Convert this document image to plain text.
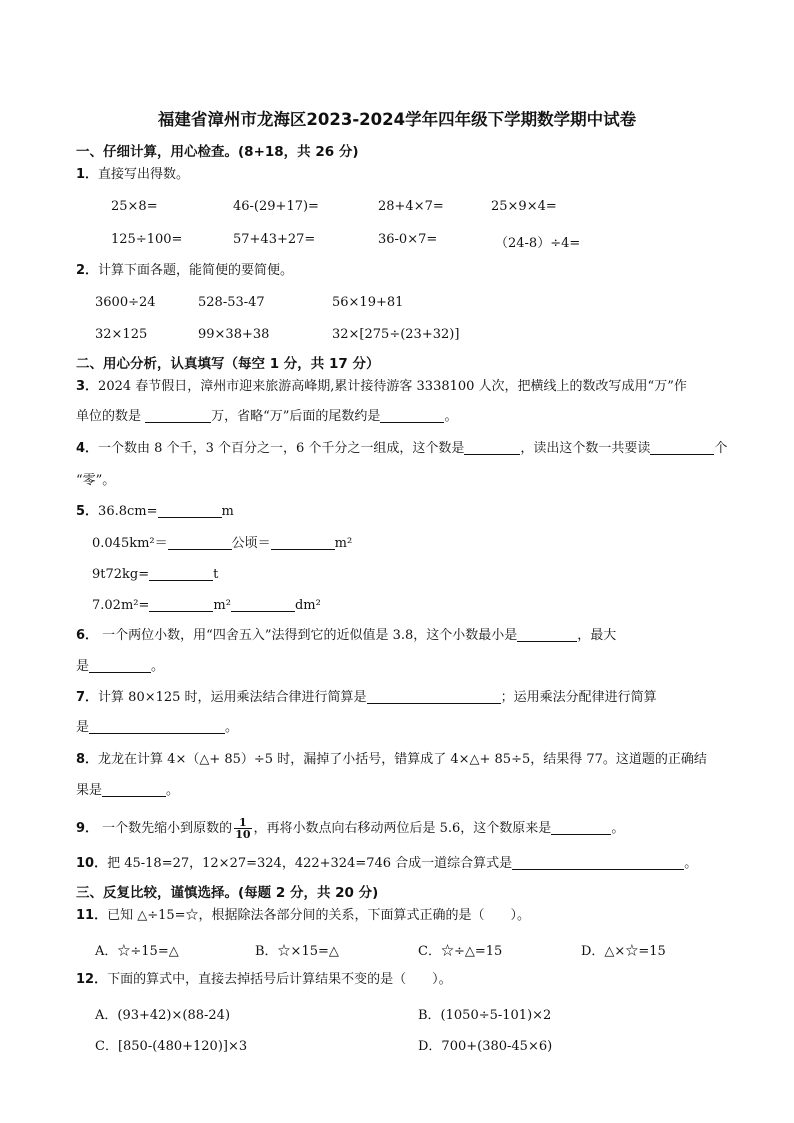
福建省漳州市龙海区2023-2024学年四年级下学期数学期中试卷
一、仔细计算，用心检查。(8+18，共 26 分)
1．直接写出得数。
25×8=	46-(29+17)=	28+4×7=	25×9×4=
125÷100=	57+43+27=	36-0×7=	（24-8）÷4=
2．计算下面各题，能简便的要简便。
3600÷24	528-53-47	56×19+81
32×125	99×38+38	32×[275÷(23+32)]
二、用心分析，认真填写（每空 1 分，共 17 分）
3．2024 春节假日，漳州市迎来旅游高峰期,累计接待游客 3338100 人次，把横线上的数改写成用“万”作
单位的数是	万，省略“万”后面的尾数约是	。
4．一个数由 8 个千，3 个百分之一，6 个千分之一组成，这个数是	，读出这个数一共要读	个
“零”。
5．36.8cm=	m
0.045km²＝	公顷＝	m²
9t72kg=	t
7.02m²=	m²	dm²
6． 一个两位小数，用“四舍五入”法得到它的近似值是 3.8，这个小数最小是	，最大
是	。
7．计算 80×125 时，运用乘法结合律进行简算是	；运用乘法分配律进行简算
是	。
8．龙龙在计算 4×（△+ 85）÷5 时，漏掉了小括号，错算成了 4×△+ 85÷5，结果得 77。这道题的正确结
果是	。
9． 一个数先缩小到原数的 $\frac{1}{10}$ ，再将小数点向右移动两位后是 5.6，这个数原来是	。
10．把 45-18=27，12×27=324，422+324=746 合成一道综合算式是	。
三、反复比较，谨慎选择。(每题 2 分，共 20 分)
11．已知 △÷15=☆，根据除法各部分间的关系，下面算式正确的是（　　）。
A．☆÷15=△	B．☆×15=△	C．☆÷△=15	D．△×☆=15
12．下面的算式中，直接去掉括号后计算结果不变的是（　　）。
A．(93+42)×(88-24)	B．(1050÷5-101)×2
C．[850-(480+120)]×3	D．700+(380-45×6)
